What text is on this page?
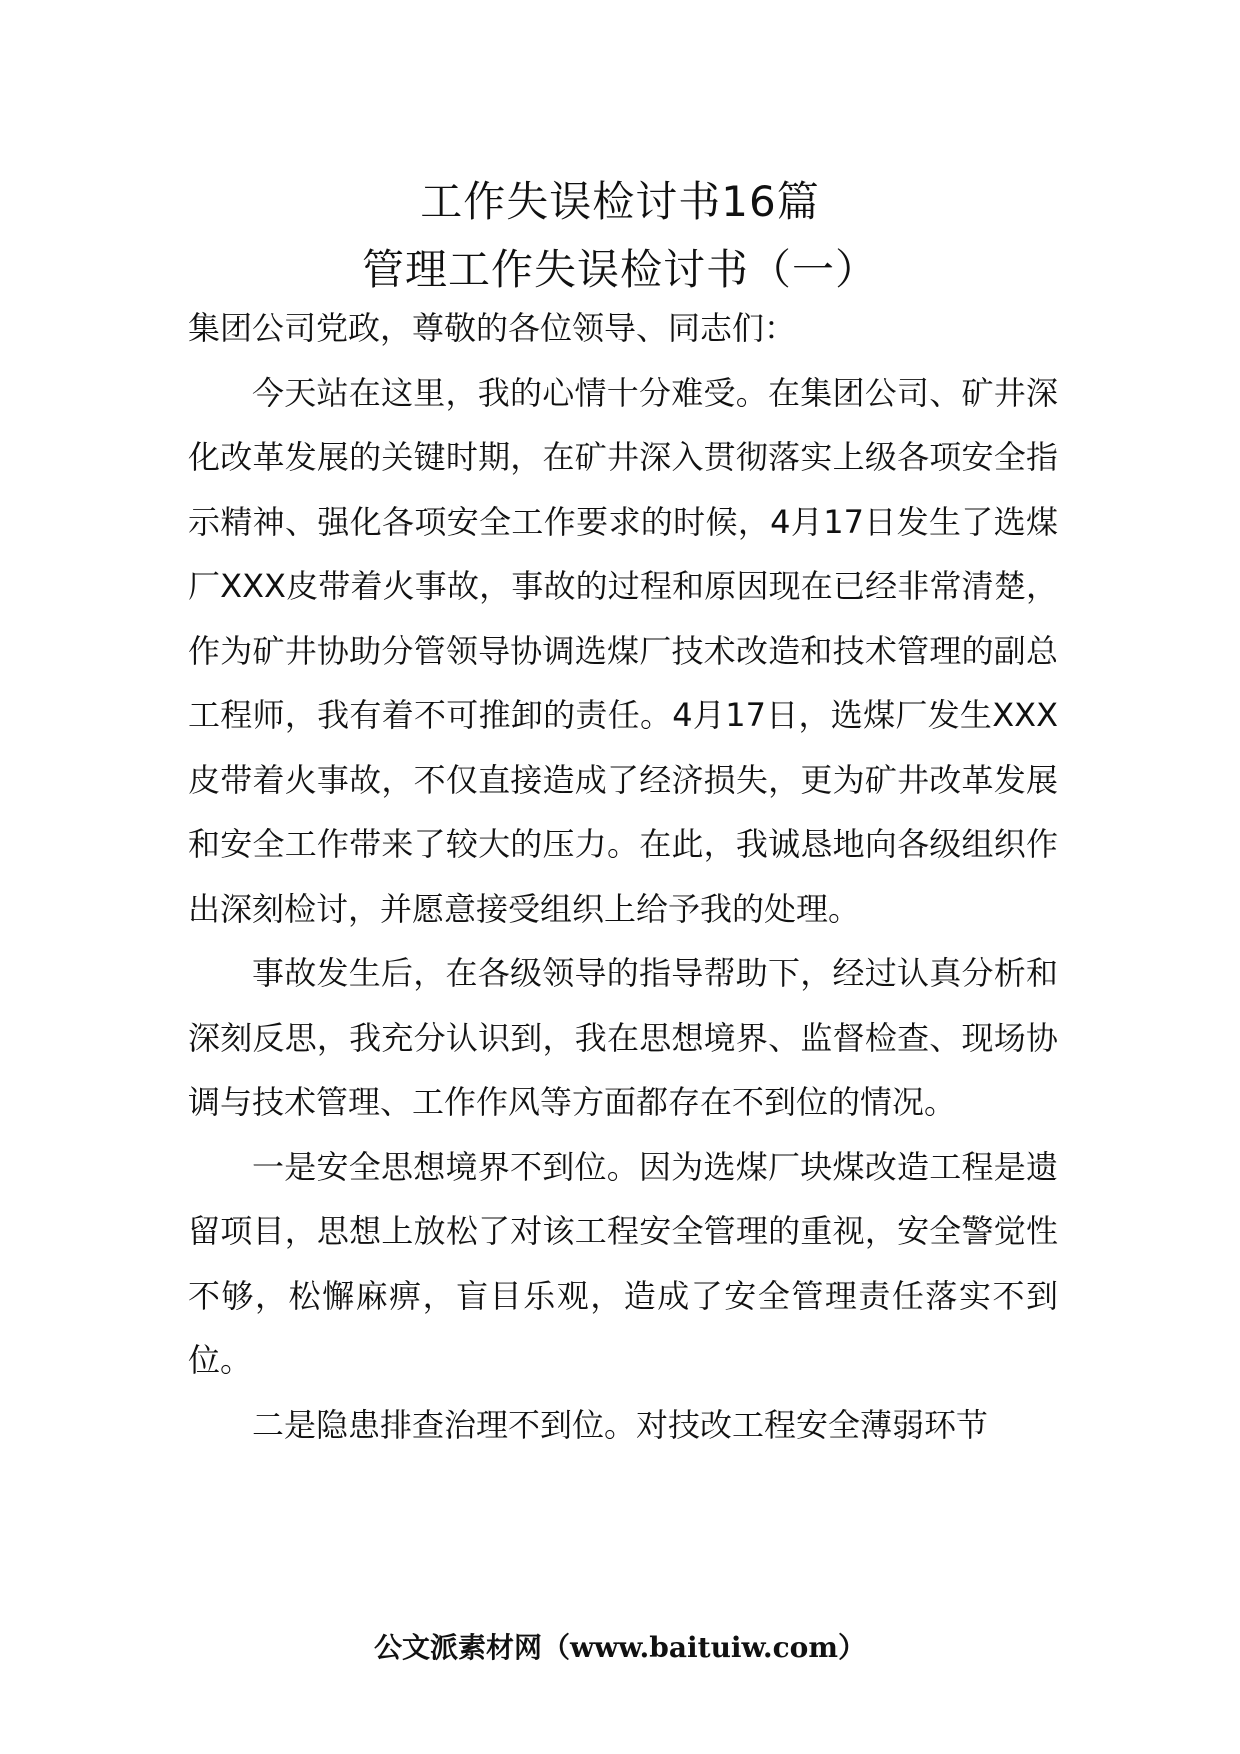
工作失误检讨书16篇
管理工作失误检讨书（一）

集团公司党政，尊敬的各位领导、同志们：

今天站在这里，我的心情十分难受。在集团公司、矿井深化改革发展的关键时期，在矿井深入贯彻落实上级各项安全指示精神、强化各项安全工作要求的时候，4月17日发生了选煤厂XXX皮带着火事故，事故的过程和原因现在已经非常清楚，作为矿井协助分管领导协调选煤厂技术改造和技术管理的副总工程师，我有着不可推卸的责任。4月17日，选煤厂发生XXX皮带着火事故，不仅直接造成了经济损失，更为矿井改革发展和安全工作带来了较大的压力。在此，我诚恳地向各级组织作出深刻检讨，并愿意接受组织上给予我的处理。

事故发生后，在各级领导的指导帮助下，经过认真分析和深刻反思，我充分认识到，我在思想境界、监督检查、现场协调与技术管理、工作作风等方面都存在不到位的情况。

一是安全思想境界不到位。因为选煤厂块煤改造工程是遗留项目，思想上放松了对该工程安全管理的重视，安全警觉性不够，松懈麻痹，盲目乐观，造成了安全管理责任落实不到位。

二是隐患排查治理不到位。对技改工程安全薄弱环节

公文派素材网（www.baituiw.com）
